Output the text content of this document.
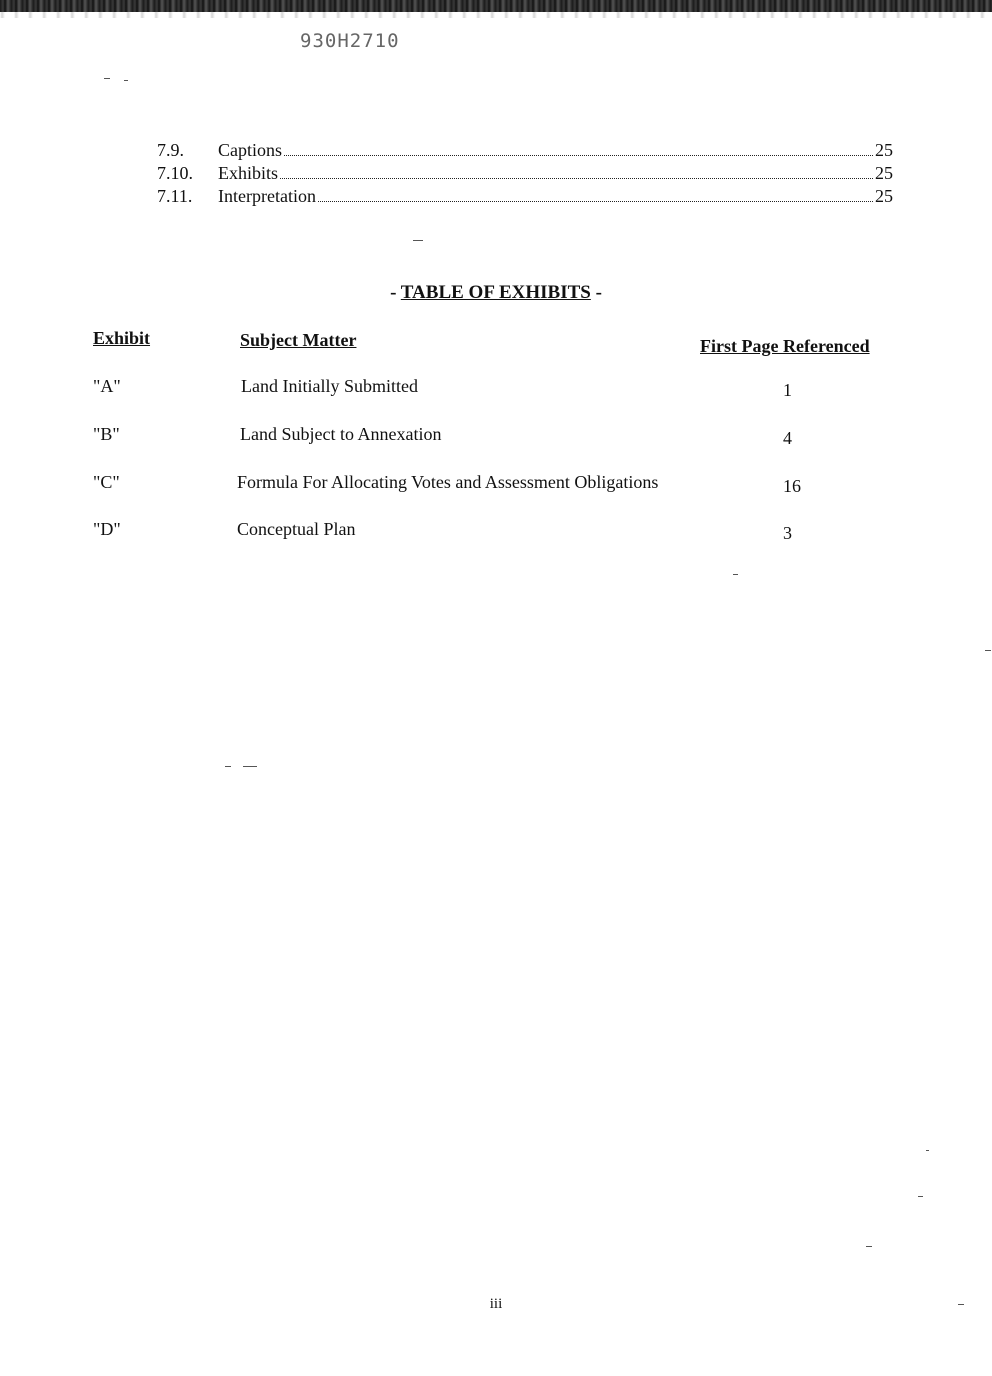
930H2710
7.9.	Captions	25
7.10.	Exhibits	25
7.11.	Interpretation	25
- TABLE OF EXHIBITS -
Exhibit	Subject Matter	First Page Referenced
"A"	Land Initially Submitted	1
"B"	Land Subject to Annexation	4
"C"	Formula For Allocating Votes and Assessment Obligations	16
"D"	Conceptual Plan	3
iii
